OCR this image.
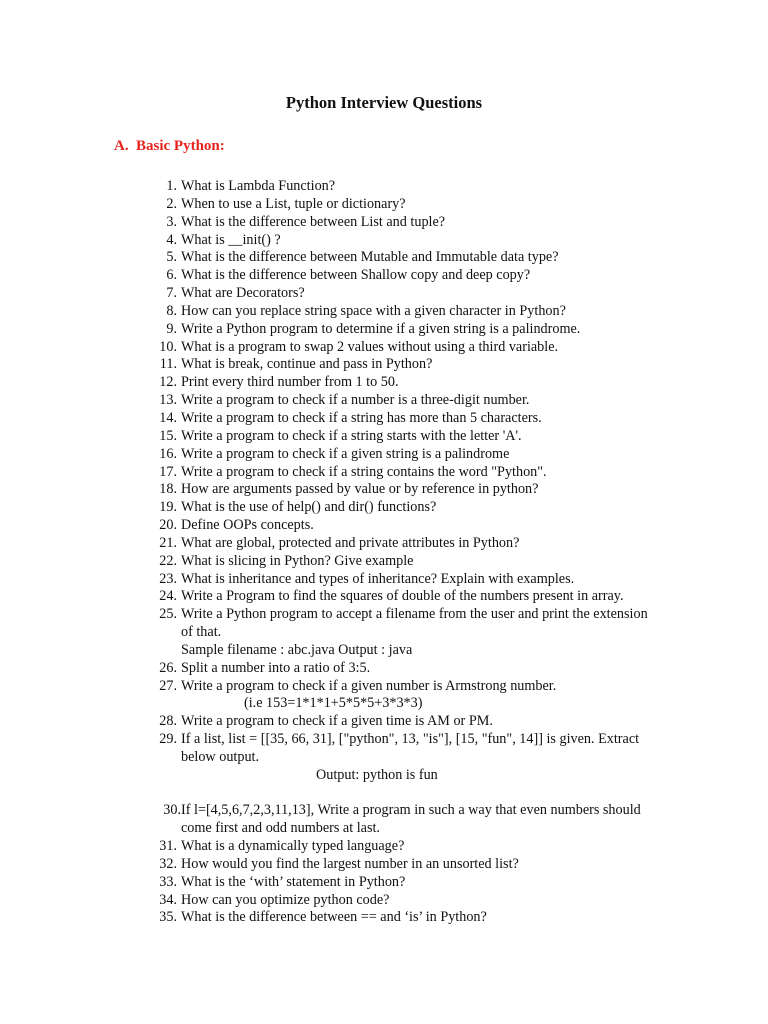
Python Interview Questions
A. Basic Python:
1. What is Lambda Function?
2. When to use a List, tuple or dictionary?
3. What is the difference between List and tuple?
4. What is __init() ?
5. What is the difference between Mutable and Immutable data type?
6. What is the difference between Shallow copy and deep copy?
7. What are Decorators?
8. How can you replace string space with a given character in Python?
9. Write a Python program to determine if a given string is a palindrome.
10. What is a program to swap 2 values without using a third variable.
11. What is break, continue and pass in Python?
12. Print every third number from 1 to 50.
13. Write a program to check if a number is a three-digit number.
14. Write a program to check if a string has more than 5 characters.
15. Write a program to check if a string starts with the letter 'A'.
16. Write a program to check if a given string is a palindrome
17. Write a program to check if a string contains the word "Python".
18. How are arguments passed by value or by reference in python?
19. What is the use of help() and dir() functions?
20. Define OOPs concepts.
21. What are global, protected and private attributes in Python?
22. What is slicing in Python? Give example
23. What is inheritance and types of inheritance? Explain with examples.
24. Write a Program to find the squares of double of the numbers present in array.
25. Write a Python program to accept a filename from the user and print the extension
of that.
Sample filename : abc.java Output : java
26. Split a number into a ratio of 3:5.
27. Write a program to check if a given number is Armstrong number.
(i.e 153=1*1*1+5*5*5+3*3*3)
28. Write a program to check if a given time is AM or PM.
29. If a list, list = [[35, 66, 31], ["python", 13, "is"], [15, "fun", 14]] is given. Extract
below output.
Output: python is fun
30. If l=[4,5,6,7,2,3,11,13], Write a program in such a way that even numbers should
come first and odd numbers at last.
31. What is a dynamically typed language?
32. How would you find the largest number in an unsorted list?
33. What is the ‘with’ statement in Python?
34. How can you optimize python code?
35. What is the difference between == and ‘is’ in Python?
